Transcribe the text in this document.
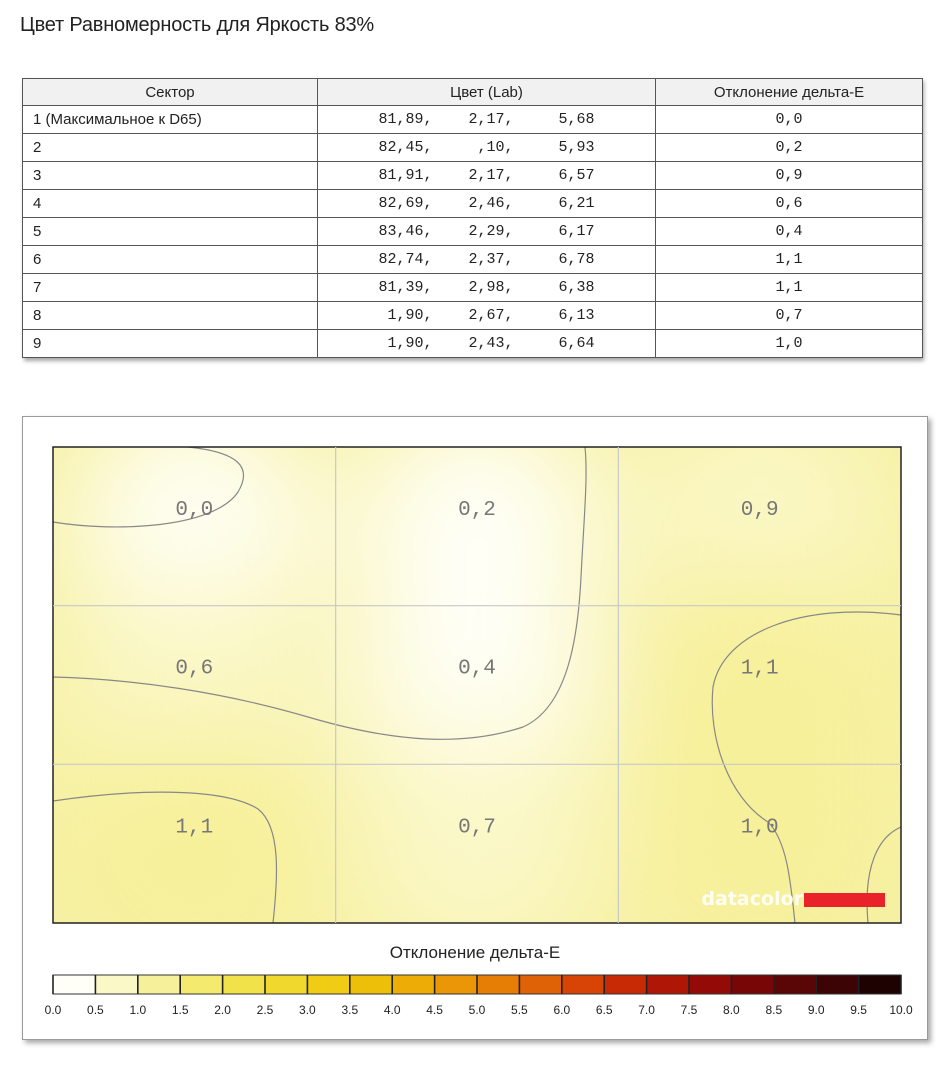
Цвет Равномерность для Яркость 83%
Сектор	Цвет (Lab)	Отклонение дельта-E
1 (Максимальное к D65)	81,89,    2,17,     5,68	0,0
2	82,45,     ,10,     5,93	0,2
3	81,91,    2,17,     6,57	0,9
4	82,69,    2,46,     6,21	0,6
5	83,46,    2,29,     6,17	0,4
6	82,74,    2,37,     6,78	1,1
7	81,39,    2,98,     6,38	1,1
8	1,90,    2,67,     6,13	0,7
9	1,90,    2,43,     6,64	1,0
0,0	0,2	0,9
0,6	0,4	1,1
1,1	0,7	1,0
datacolor
0.0 0.5 1.0 1.5 2.0 2.5 3.0 3.5 4.0 4.5 5.0 5.5 6.0 6.5 7.0 7.5 8.0 8.5 9.0 9.5 10.0
Отклонение дельта-E
